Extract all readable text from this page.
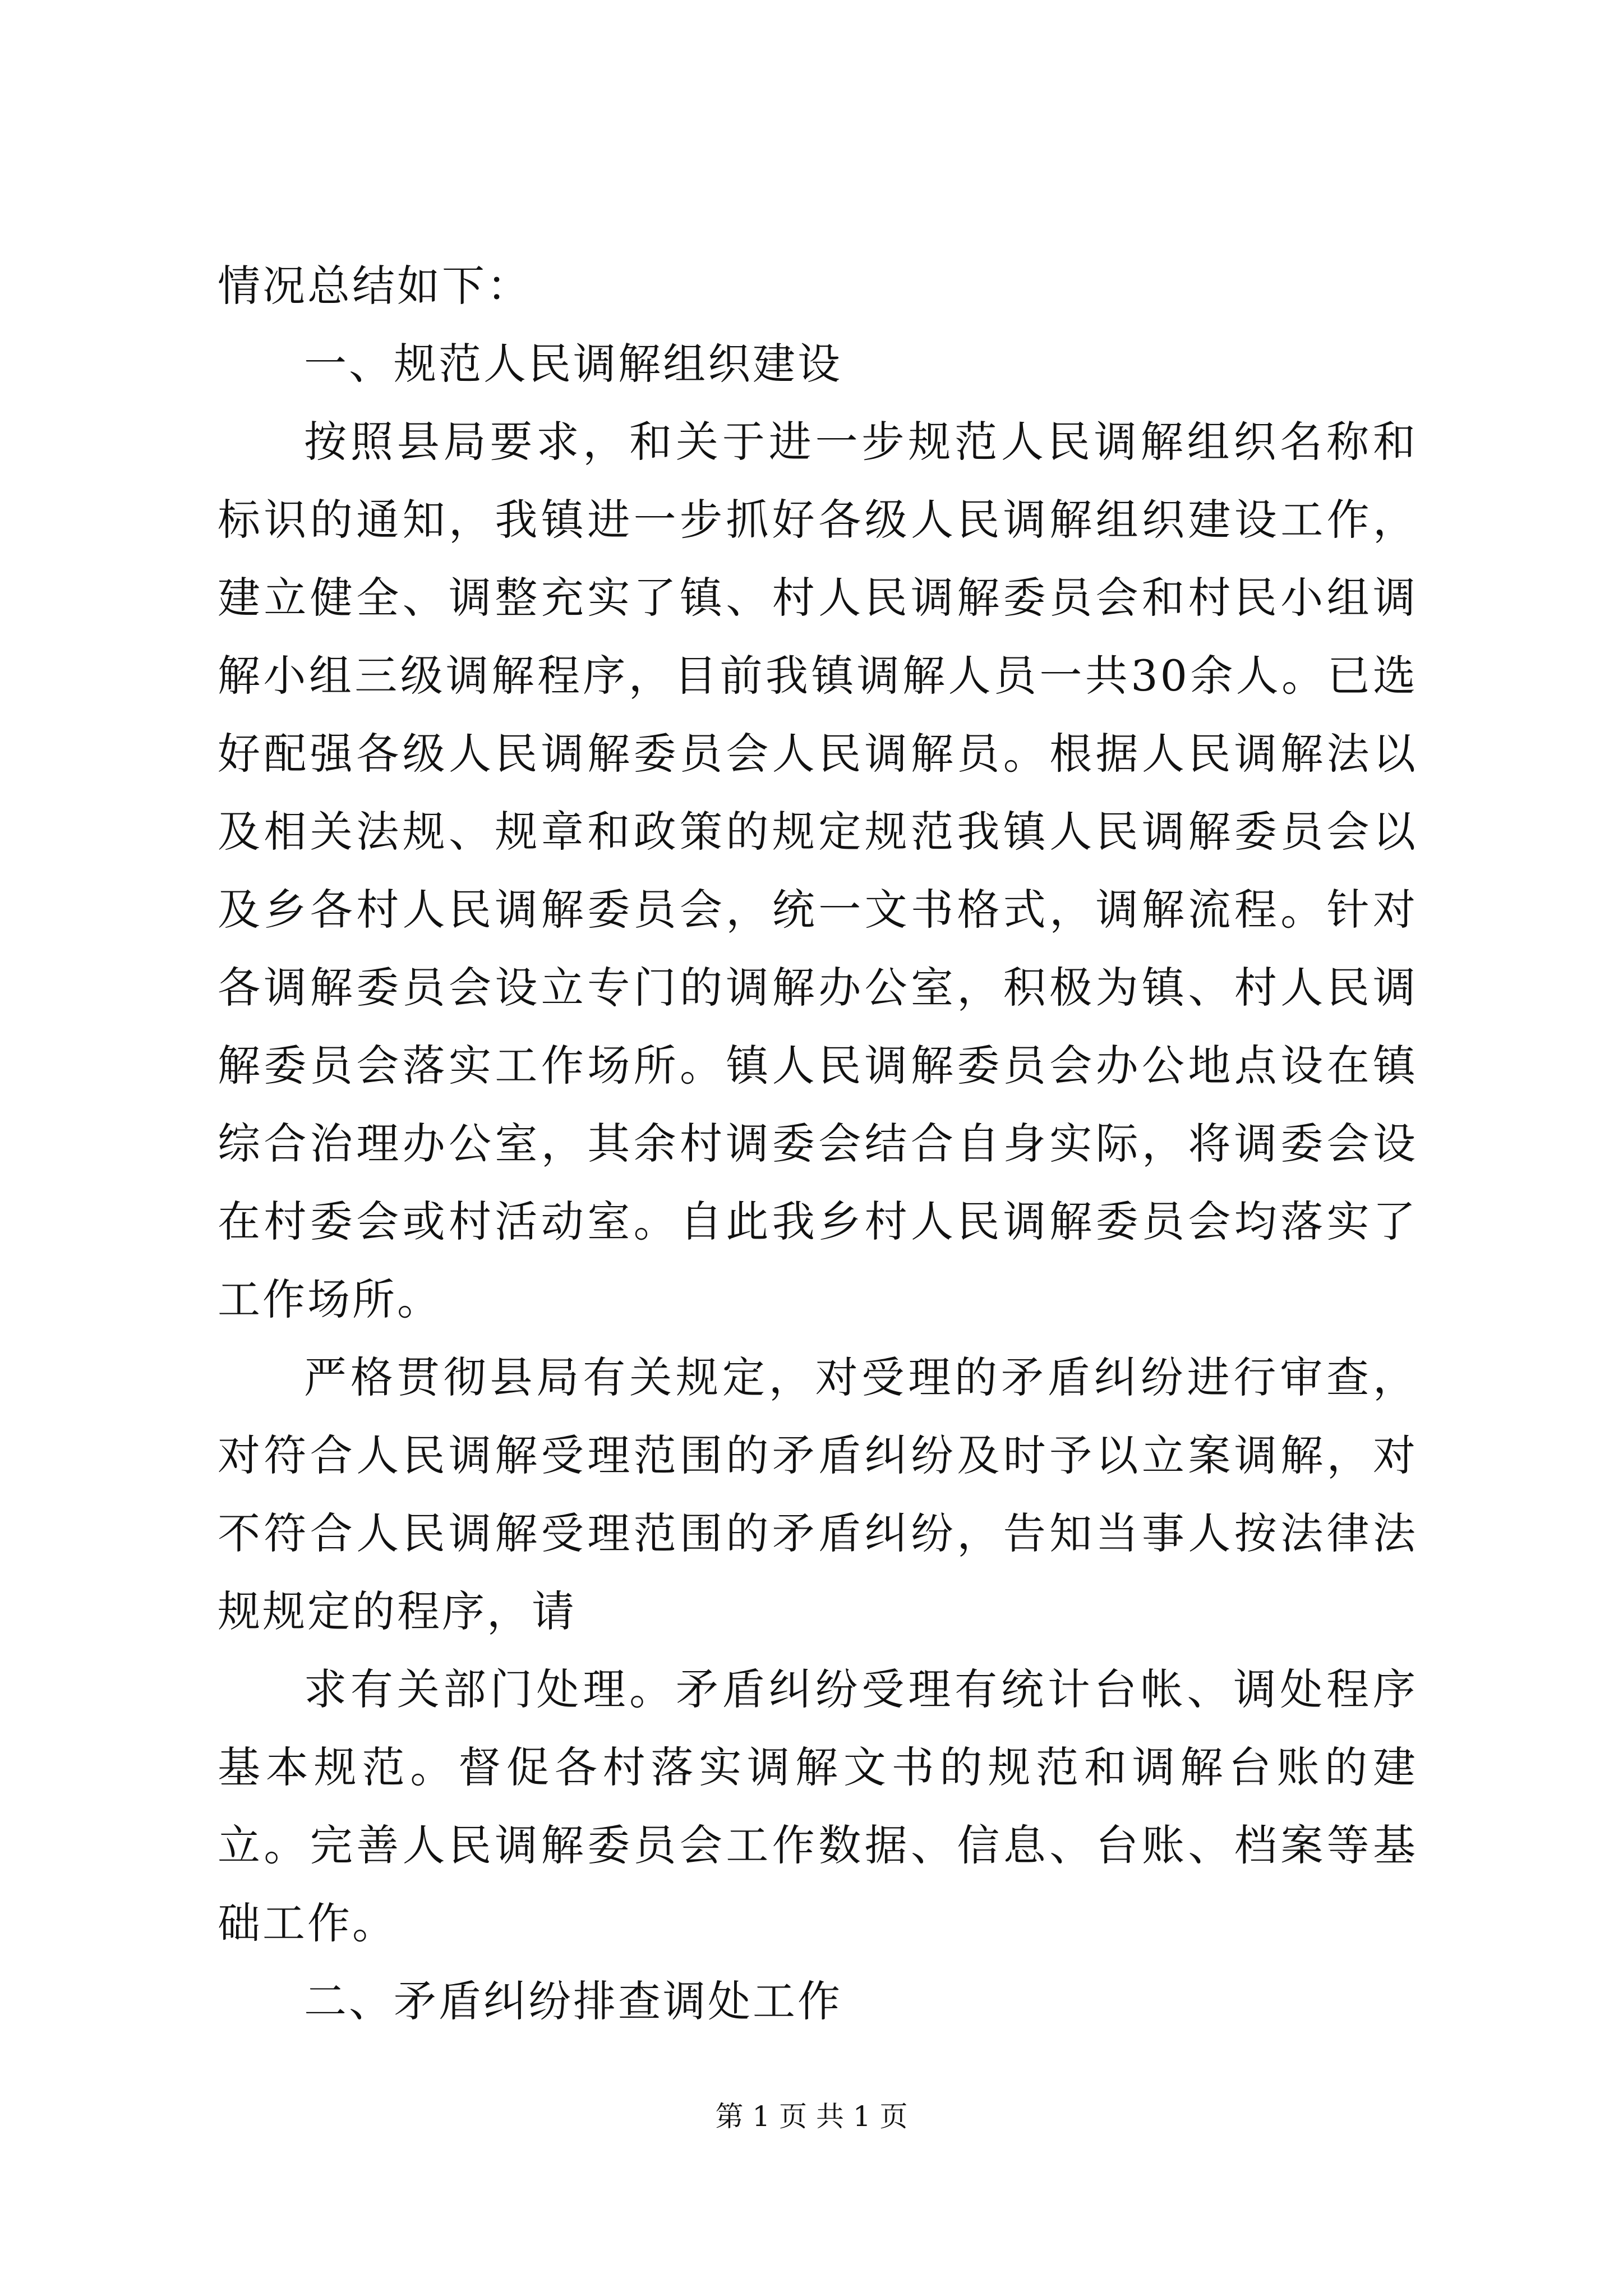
情况总结如下：

一、规范人民调解组织建设

按照县局要求，和关于进一步规范人民调解组织名称和标识的通知，我镇进一步抓好各级人民调解组织建设工作，建立健全、调整充实了镇、村人民调解委员会和村民小组调解小组三级调解程序，目前我镇调解人员一共30余人。已选好配强各级人民调解委员会人民调解员。根据人民调解法以及相关法规、规章和政策的规定规范我镇人民调解委员会以及乡各村人民调解委员会，统一文书格式，调解流程。针对各调解委员会设立专门的调解办公室，积极为镇、村人民调解委员会落实工作场所。镇人民调解委员会办公地点设在镇综合治理办公室，其余村调委会结合自身实际，将调委会设在村委会或村活动室。自此我乡村人民调解委员会均落实了工作场所。

严格贯彻县局有关规定，对受理的矛盾纠纷进行审查，对符合人民调解受理范围的矛盾纠纷及时予以立案调解，对不符合人民调解受理范围的矛盾纠纷，告知当事人按法律法规规定的程序，请

求有关部门处理。矛盾纠纷受理有统计台帐、调处程序基本规范。督促各村落实调解文书的规范和调解台账的建立。完善人民调解委员会工作数据、信息、台账、档案等基础工作。

二、矛盾纠纷排查调处工作

第 1 页 共 1 页
